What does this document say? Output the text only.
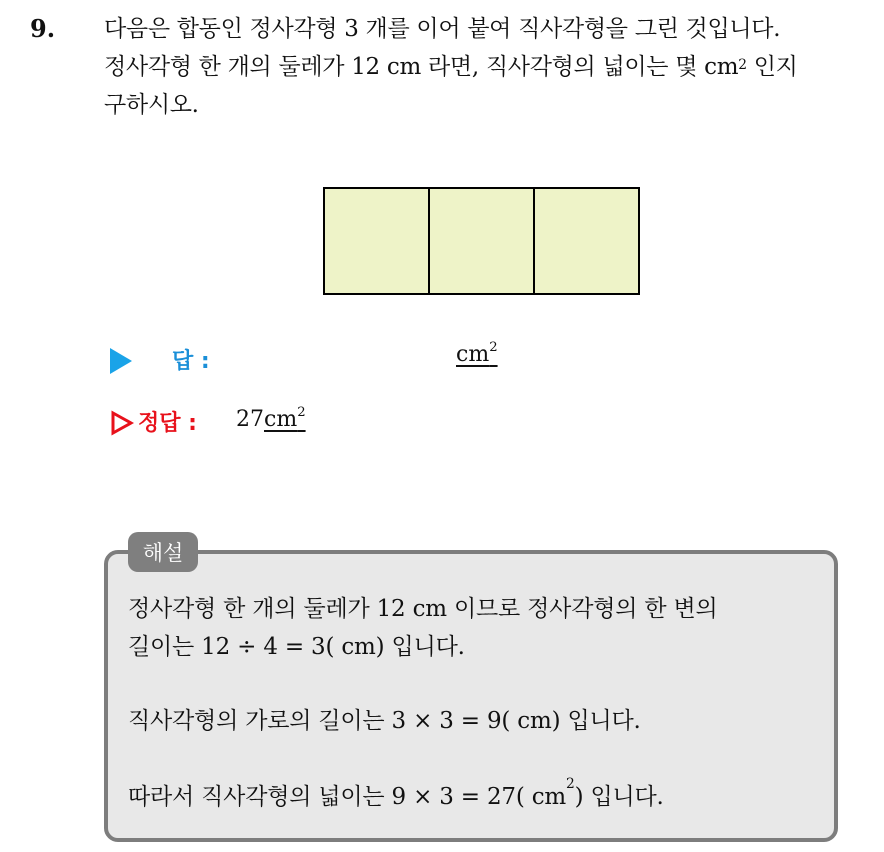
9. 다음은 합동인 정사각형 3 개를 이어 붙여 직사각형을 그린 것입니다.
정사각형 한 개의 둘레가 12 cm 라면, 직사각형의 넓이는 몇 $cm^2$ 인지
구하시오.
답 :	$cm^2$
정답 : $27cm^2$
해설
정사각형 한 개의 둘레가 12 cm 이므로 정사각형의 한 변의
길이는 12 ÷ 4 = 3( cm) 입니다.
직사각형의 가로의 길이는 3 × 3 = 9( cm) 입니다.
따라서 직사각형의 넓이는 9 × 3 = 27( $cm^2$) 입니다.
